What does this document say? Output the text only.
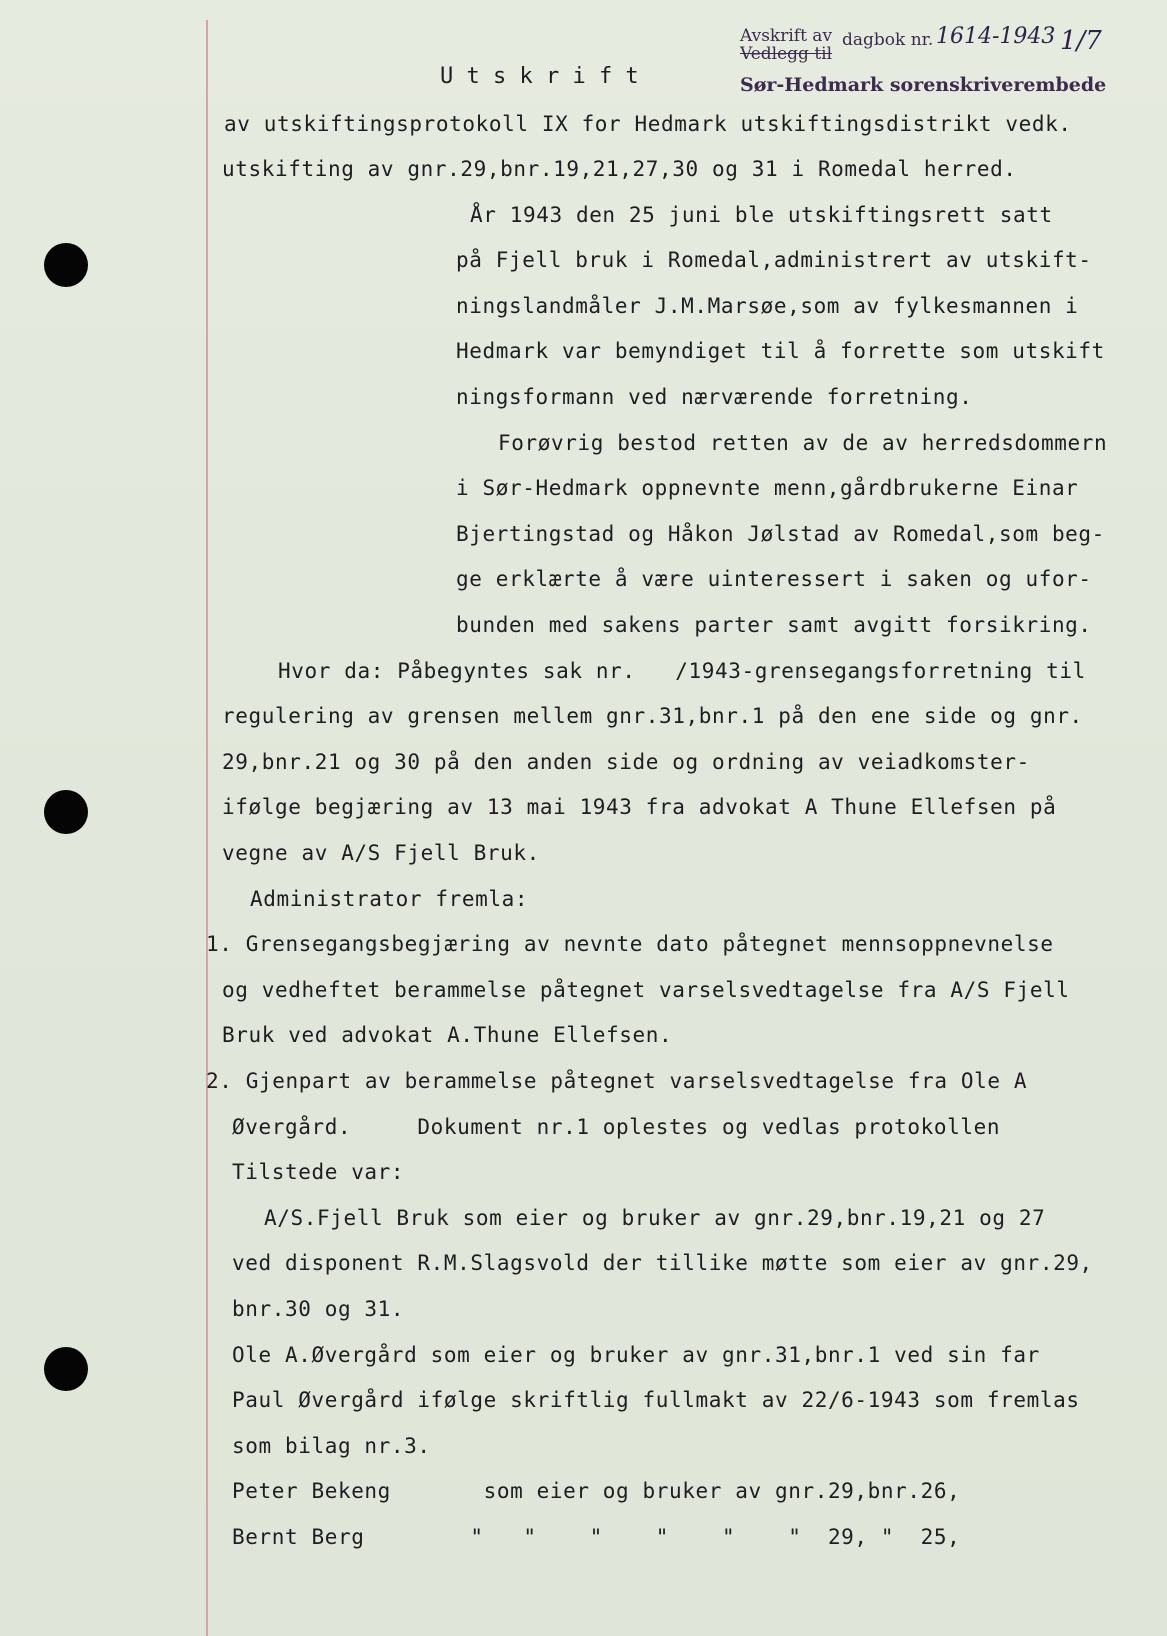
Avskrift av
Vedlegg til
dagbok nr. 1614-1943 1/7
Sør-Hedmark sorenskriverembede
U t s k r i f t
av utskiftingsprotokoll IX for Hedmark utskiftingsdistrikt vedk.
utskifting av gnr.29,bnr.19,21,27,30 og 31 i Romedal herred.
År 1943 den 25 juni ble utskiftingsrett satt
på Fjell bruk i Romedal,administrert av utskift-
ningslandmåler J.M.Marsøe,som av fylkesmannen i
Hedmark var bemyndiget til å forrette som utskift
ningsformann ved nærværende forretning.
Forøvrig bestod retten av de av herredsdommern
i Sør-Hedmark oppnevnte menn,gårdbrukerne Einar
Bjertingstad og Håkon Jølstad av Romedal,som beg-
ge erklærte å være uinteressert i saken og ufor-
bunden med sakens parter samt avgitt forsikring.
Hvor da: Påbegyntes sak nr.   /1943-grensegangsforretning til
regulering av grensen mellem gnr.31,bnr.1 på den ene side og gnr.
29,bnr.21 og 30 på den anden side og ordning av veiadkomster-
ifølge begjæring av 13 mai 1943 fra advokat A Thune Ellefsen på
vegne av A/S Fjell Bruk.
Administrator fremla:
1. Grensegangsbegjæring av nevnte dato påtegnet mennsoppnevnelse
og vedheftet berammelse påtegnet varselsvedtagelse fra A/S Fjell
Bruk ved advokat A.Thune Ellefsen.
2. Gjenpart av berammelse påtegnet varselsvedtagelse fra Ole A
Øvergård.     Dokument nr.1 oplestes og vedlas protokollen
Tilstede var:
A/S.Fjell Bruk som eier og bruker av gnr.29,bnr.19,21 og 27
ved disponent R.M.Slagsvold der tillike møtte som eier av gnr.29,
bnr.30 og 31.
Ole A.Øvergård som eier og bruker av gnr.31,bnr.1 ved sin far
Paul Øvergård ifølge skriftlig fullmakt av 22/6-1943 som fremlas
som bilag nr.3.
Peter Bekeng       som eier og bruker av gnr.29,bnr.26,
Bernt Berg        "   "    "    "    "    "  29, "  25,
